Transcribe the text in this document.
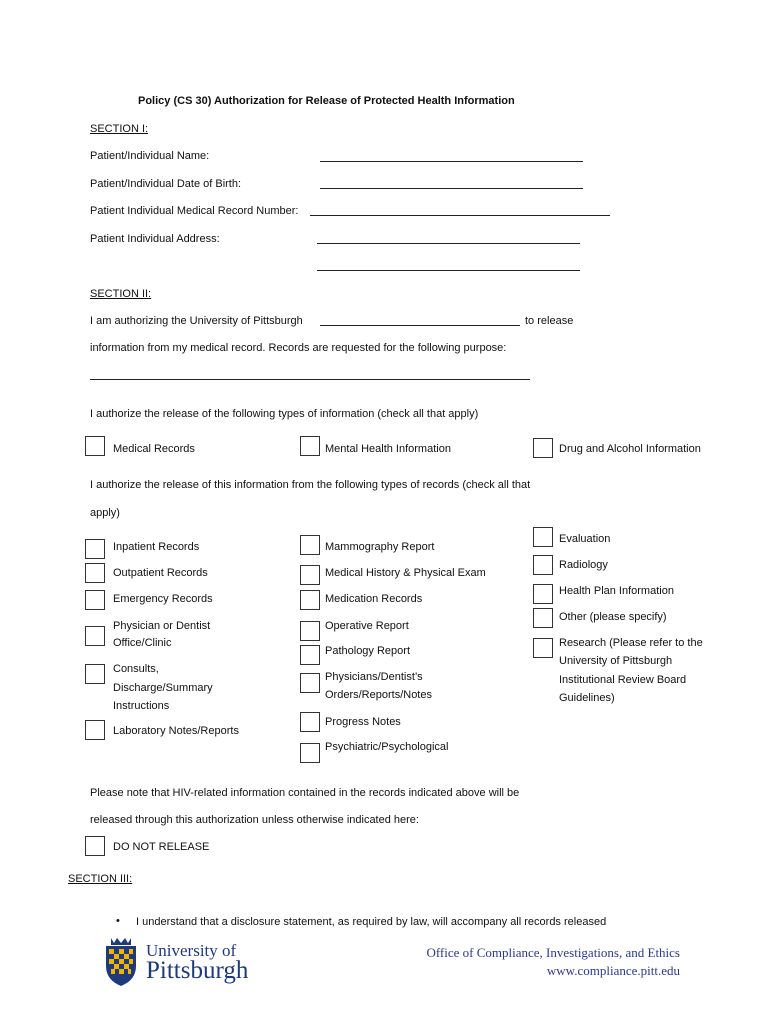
Policy (CS 30) Authorization for Release of Protected Health Information
SECTION I:
Patient/Individual Name:
Patient/Individual Date of Birth:
Patient Individual Medical Record Number:
Patient Individual Address:
SECTION II:
I am authorizing the University of Pittsburgh	to release
information from my medical record. Records are requested for the following purpose:
I authorize the release of the following types of information (check all that apply)
Medical Records	Mental Health Information	Drug and Alcohol Information
I authorize the release of this information from the following types of records (check all that
apply)
Inpatient Records
Outpatient Records
Emergency Records
Physician or Dentist
Office/Clinic
Consults,
Discharge/Summary
Instructions
Laboratory Notes/Reports
Mammography Report
Medical History & Physical Exam
Medication Records
Operative Report
Pathology Report
Physicians/Dentist’s
Orders/Reports/Notes
Progress Notes
Psychiatric/Psychological
Evaluation
Radiology
Health Plan Information
Other (please specify)
Research (Please refer to the
University of Pittsburgh
Institutional Review Board
Guidelines)
Please note that HIV-related information contained in the records indicated above will be
released through this authorization unless otherwise indicated here:
DO NOT RELEASE
SECTION III:
• I understand that a disclosure statement, as required by law, will accompany all records released
University of
Pittsburgh
Office of Compliance, Investigations, and Ethics
www.compliance.pitt.edu
